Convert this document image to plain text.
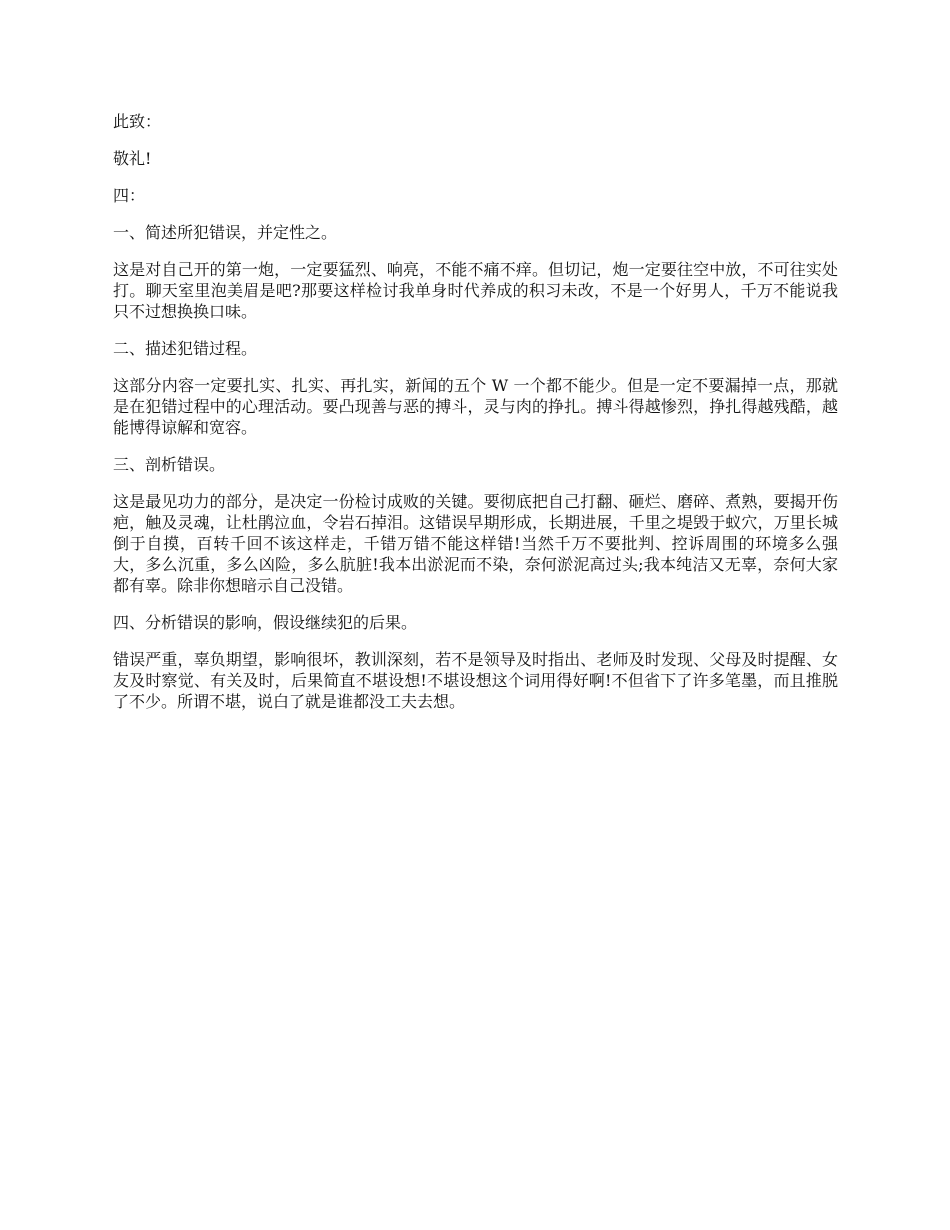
此致：

敬礼!

四：

一、简述所犯错误，并定性之。

这是对自己开的第一炮，一定要猛烈、响亮，不能不痛不痒。但切记，炮一定要往空中放，不可往实处打。聊天室里泡美眉是吧?那要这样检讨我单身时代养成的积习未改，不是一个好男人，千万不能说我只不过想换换口味。

二、描述犯错过程。

这部分内容一定要扎实、扎实、再扎实，新闻的五个 W 一个都不能少。但是一定不要漏掉一点，那就是在犯错过程中的心理活动。要凸现善与恶的搏斗，灵与肉的挣扎。搏斗得越惨烈，挣扎得越残酷，越能博得谅解和宽容。

三、剖析错误。

这是最见功力的部分，是决定一份检讨成败的关键。要彻底把自己打翻、砸烂、磨碎、煮熟，要揭开伤疤，触及灵魂，让杜鹃泣血，令岩石掉泪。这错误早期形成，长期进展，千里之堤毁于蚁穴，万里长城倒于自摸，百转千回不该这样走，千错万错不能这样错!当然千万不要批判、控诉周围的环境多么强大，多么沉重，多么凶险，多么肮脏!我本出淤泥而不染，奈何淤泥高过头;我本纯洁又无辜，奈何大家都有辜。除非你想暗示自己没错。

四、分析错误的影响，假设继续犯的后果。

错误严重，辜负期望，影响很坏，教训深刻，若不是领导及时指出、老师及时发现、父母及时提醒、女友及时察觉、有关及时，后果简直不堪设想!不堪设想这个词用得好啊!不但省下了许多笔墨，而且推脱了不少。所谓不堪，说白了就是谁都没工夫去想。
